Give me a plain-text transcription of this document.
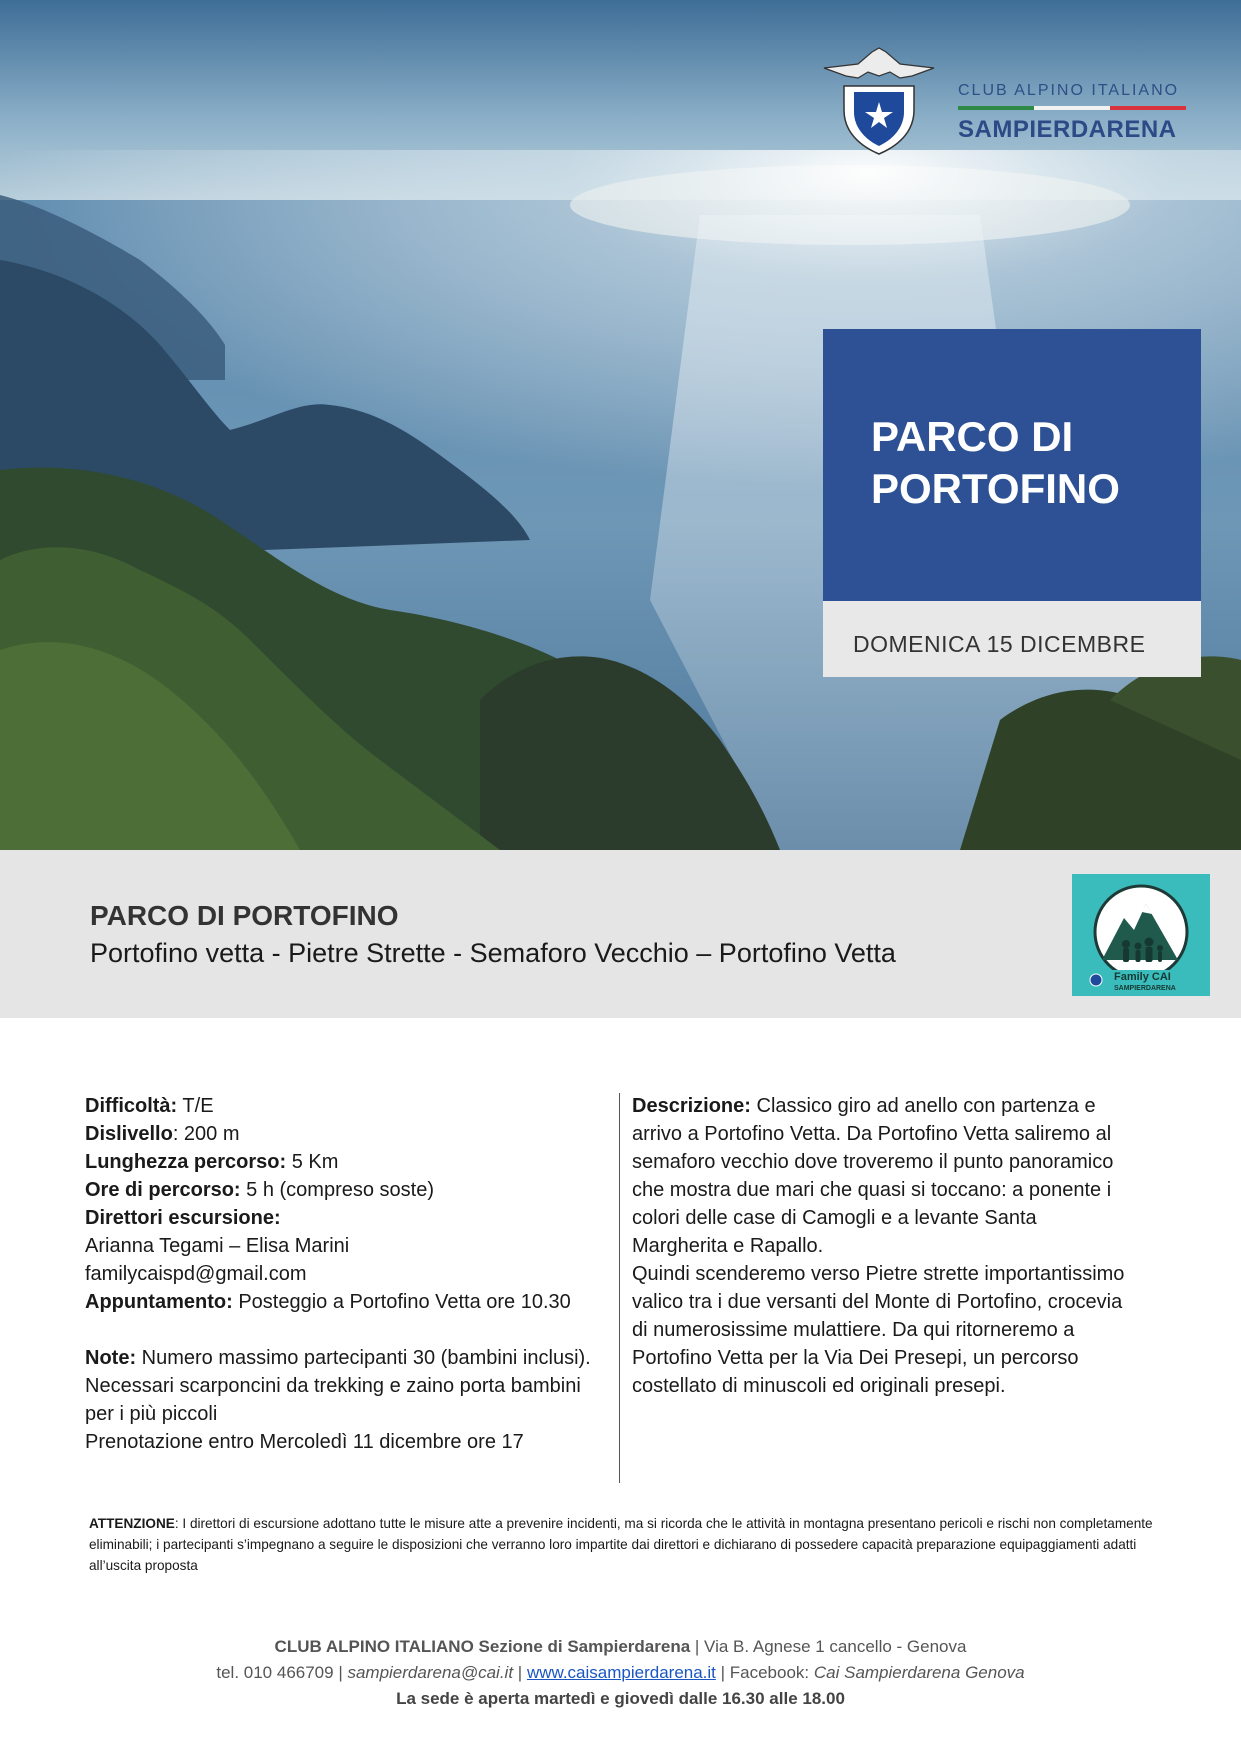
CLUB ALPINO ITALIANO
SAMPIERDARENA
PARCO DI PORTOFINO
DOMENICA 15 DICEMBRE
PARCO DI PORTOFINO
Portofino vetta - Pietre Strette - Semaforo Vecchio – Portofino Vetta
Family CAI
SAMPIERDARENA

Difficoltà: T/E

Dislivello: 200 m

Lunghezza percorso: 5 Km

Ore di percorso: 5 h (compreso soste)

Direttori escursione:

Arianna Tegami – Elisa Marini

familycaispd@gmail.com

Appuntamento: Posteggio a Portofino Vetta ore 10.30

Note: Numero massimo partecipanti 30 (bambini inclusi).

Necessari scarponcini da trekking e zaino porta bambini per i più piccoli

Prenotazione entro Mercoledì 11 dicembre ore 17

Descrizione: Classico giro ad anello con partenza e arrivo a Portofino Vetta. Da Portofino Vetta saliremo al semaforo vecchio dove troveremo il punto panoramico che mostra due mari che quasi si toccano: a ponente i colori delle case di Camogli e a levante Santa Margherita e Rapallo.

Quindi scenderemo verso Pietre strette importantissimo valico tra i due versanti del Monte di Portofino, crocevia di numerosissime mulattiere. Da qui ritorneremo a Portofino Vetta per la Via Dei Presepi, un percorso costellato di minuscoli ed originali presepi.

ATTENZIONE: I direttori di escursione adottano tutte le misure atte a prevenire incidenti, ma si ricorda che le attività in montagna presentano pericoli e rischi non completamente eliminabili; i partecipanti s’impegnano a seguire le disposizioni che verranno loro impartite dai direttori e dichiarano di possedere capacità preparazione equipaggiamenti adatti all’uscita proposta
CLUB ALPINO ITALIANO Sezione di Sampierdarena | Via B. Agnese 1 cancello - Genova
tel. 010 466709 | sampierdarena@cai.it | www.caisampierdarena.it | Facebook: Cai Sampierdarena Genova
La sede è aperta martedì e giovedì dalle 16.30 alle 18.00
